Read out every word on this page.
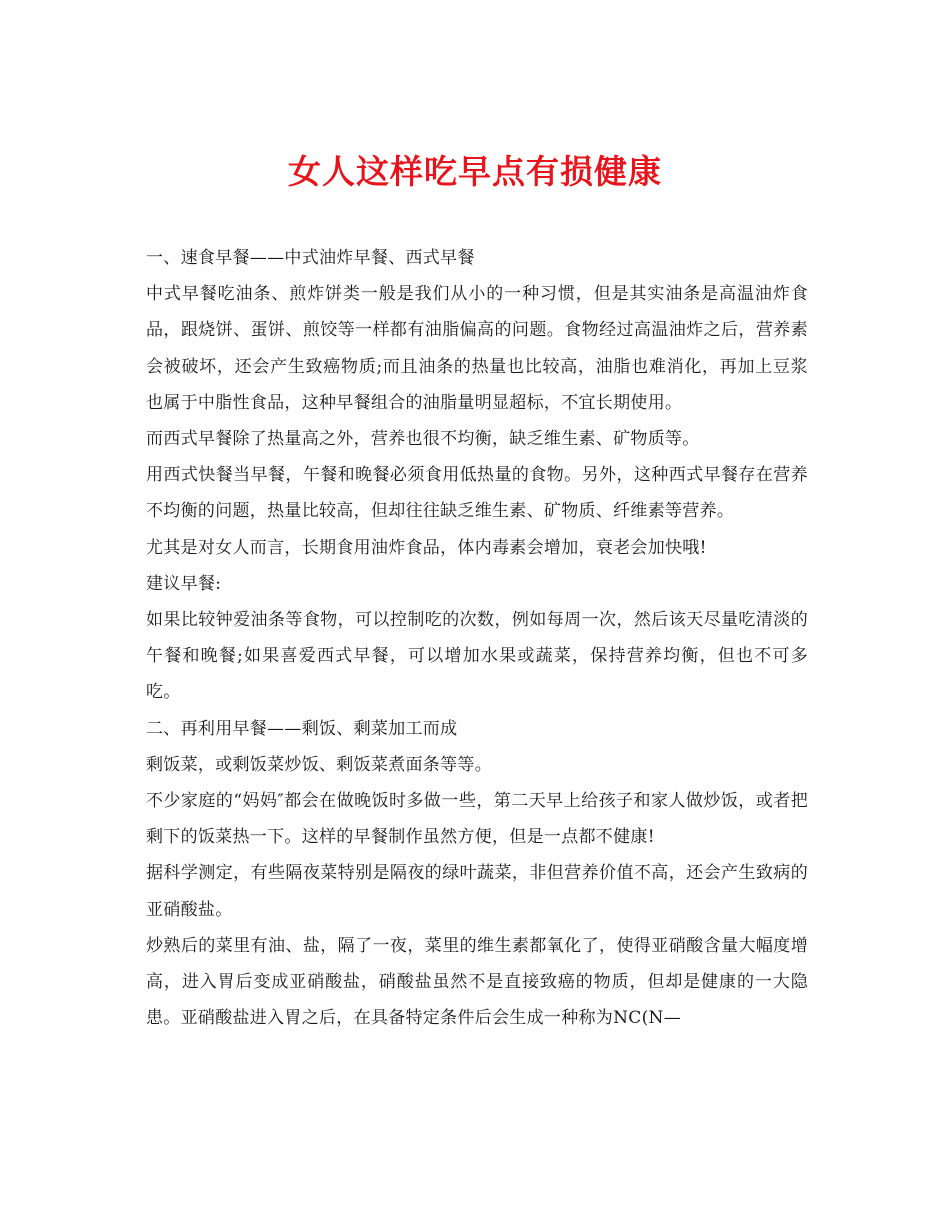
女人这样吃早点有损健康

一、速食早餐——中式油炸早餐、西式早餐

中式早餐吃油条、煎炸饼类一般是我们从小的一种习惯，但是其实油条是高温油炸食品，跟烧饼、蛋饼、煎饺等一样都有油脂偏高的问题。食物经过高温油炸之后，营养素会被破坏，还会产生致癌物质;而且油条的热量也比较高，油脂也难消化，再加上豆浆也属于中脂性食品，这种早餐组合的油脂量明显超标，不宜长期使用。

而西式早餐除了热量高之外，营养也很不均衡，缺乏维生素、矿物质等。

用西式快餐当早餐，午餐和晚餐必须食用低热量的食物。另外，这种西式早餐存在营养不均衡的问题，热量比较高，但却往往缺乏维生素、矿物质、纤维素等营养。

尤其是对女人而言，长期食用油炸食品，体内毒素会增加，衰老会加快哦!

建议早餐:

如果比较钟爱油条等食物，可以控制吃的次数，例如每周一次，然后该天尽量吃清淡的午餐和晚餐;如果喜爱西式早餐，可以增加水果或蔬菜，保持营养均衡，但也不可多吃。

二、再利用早餐——剩饭、剩菜加工而成

剩饭菜，或剩饭菜炒饭、剩饭菜煮面条等等。

不少家庭的“妈妈″都会在做晚饭时多做一些，第二天早上给孩子和家人做炒饭，或者把剩下的饭菜热一下。这样的早餐制作虽然方便，但是一点都不健康!

据科学测定，有些隔夜菜特别是隔夜的绿叶蔬菜，非但营养价值不高，还会产生致病的亚硝酸盐。

炒熟后的菜里有油、盐，隔了一夜，菜里的维生素都氧化了，使得亚硝酸含量大幅度增高，进入胃后变成亚硝酸盐，硝酸盐虽然不是直接致癌的物质，但却是健康的一大隐患。亚硝酸盐进入胃之后，在具备特定条件后会生成一种称为NC(N—
